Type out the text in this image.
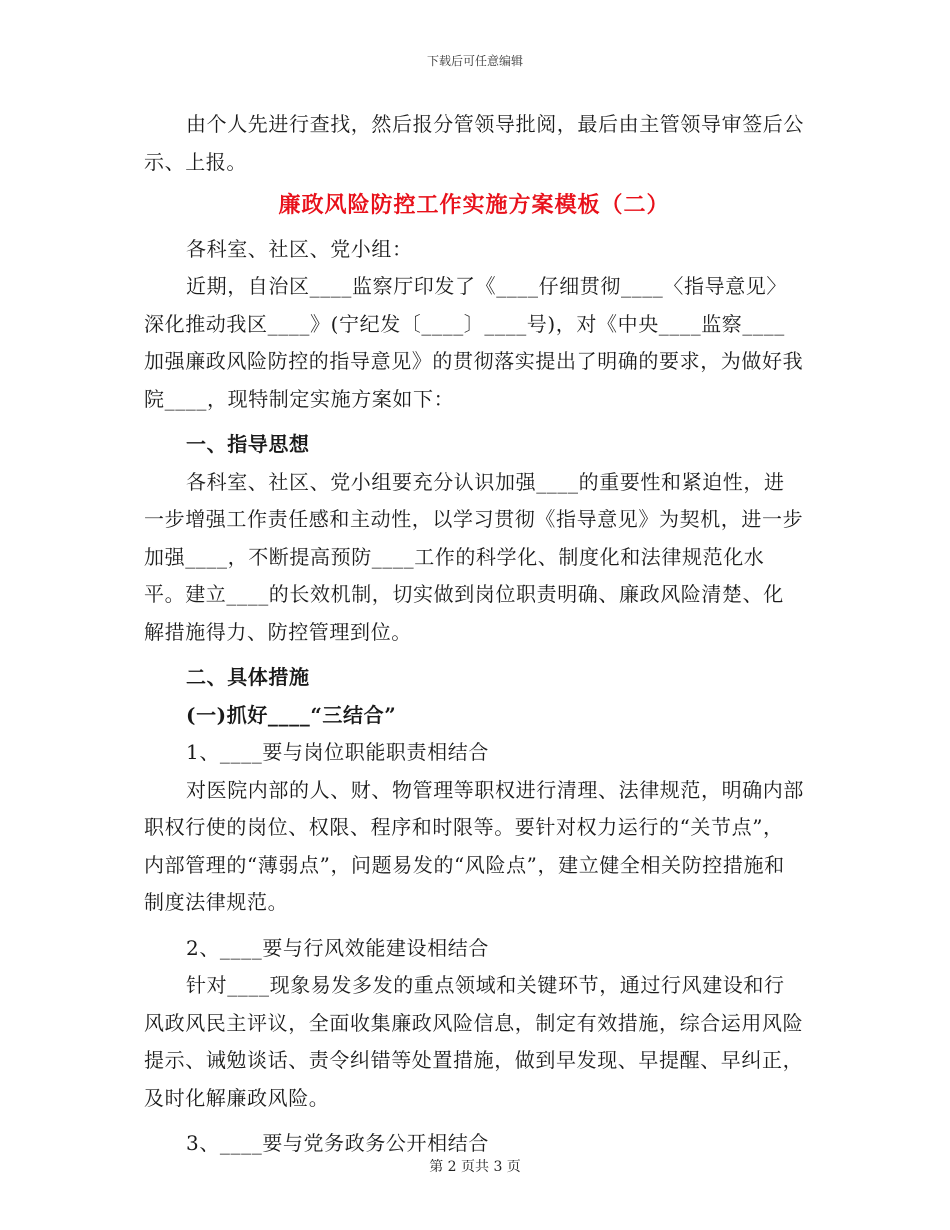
下载后可任意编辑

由个人先进行查找，然后报分管领导批阅，最后由主管领导审签后公示、上报。

廉政风险防控工作实施方案模板（二）

各科室、社区、党小组：

近期，自治区____监察厅印发了《____仔细贯彻____〈指导意见〉深化推动我区____》(宁纪发〔____〕____号)，对《中央____监察____加强廉政风险防控的指导意见》的贯彻落实提出了明确的要求，为做好我院____，现特制定实施方案如下：

一、指导思想

各科室、社区、党小组要充分认识加强____的重要性和紧迫性，进一步增强工作责任感和主动性，以学习贯彻《指导意见》为契机，进一步加强____，不断提高预防____工作的科学化、制度化和法律规范化水平。建立____的长效机制，切实做到岗位职责明确、廉政风险清楚、化解措施得力、防控管理到位。

二、具体措施

(一)抓好____“三结合”

1、____要与岗位职能职责相结合

对医院内部的人、财、物管理等职权进行清理、法律规范，明确内部职权行使的岗位、权限、程序和时限等。要针对权力运行的“关节点”，内部管理的“薄弱点”，问题易发的“风险点”，建立健全相关防控措施和制度法律规范。

2、____要与行风效能建设相结合

针对____现象易发多发的重点领域和关键环节，通过行风建设和行风政风民主评议，全面收集廉政风险信息，制定有效措施，综合运用风险提示、诫勉谈话、责令纠错等处置措施，做到早发现、早提醒、早纠正，及时化解廉政风险。

3、____要与党务政务公开相结合

第 2 页共 3 页
